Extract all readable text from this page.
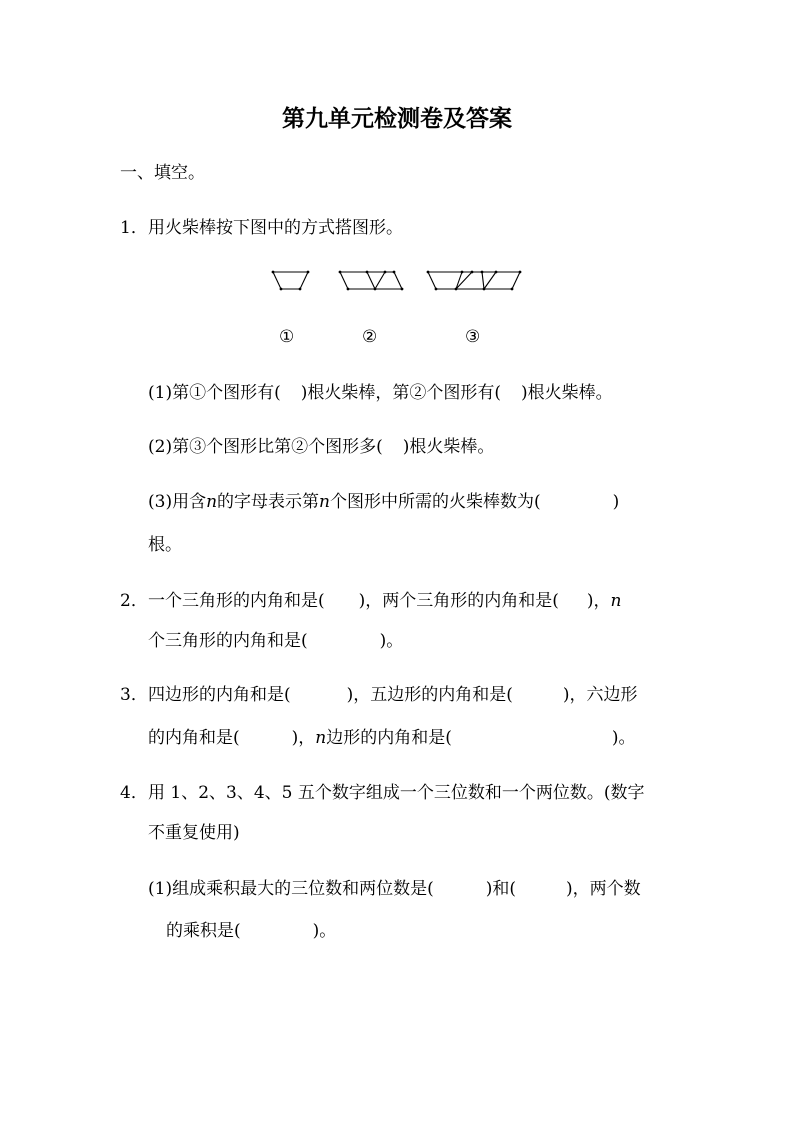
第九单元检测卷及答案
一、填空。
1．用火柴棒按下图中的方式搭图形。
①	②	③
(1)第①个图形有( )根火柴棒，第②个图形有( )根火柴棒。
(2)第③个图形比第②个图形多( )根火柴棒。
(3)用含n的字母表示第n个图形中所需的火柴棒数为(	)
根。
2．一个三角形的内角和是( )，两个三角形的内角和是( )，n
个三角形的内角和是(	)。
3．四边形的内角和是(	)，五边形的内角和是(	)，六边形
的内角和是(	)，n边形的内角和是(	)。
4．用 1、2、3、4、5 五个数字组成一个三位数和一个两位数。(数字
不重复使用)
(1)组成乘积最大的三位数和两位数是(	)和(	)，两个数
的乘积是(	)。
